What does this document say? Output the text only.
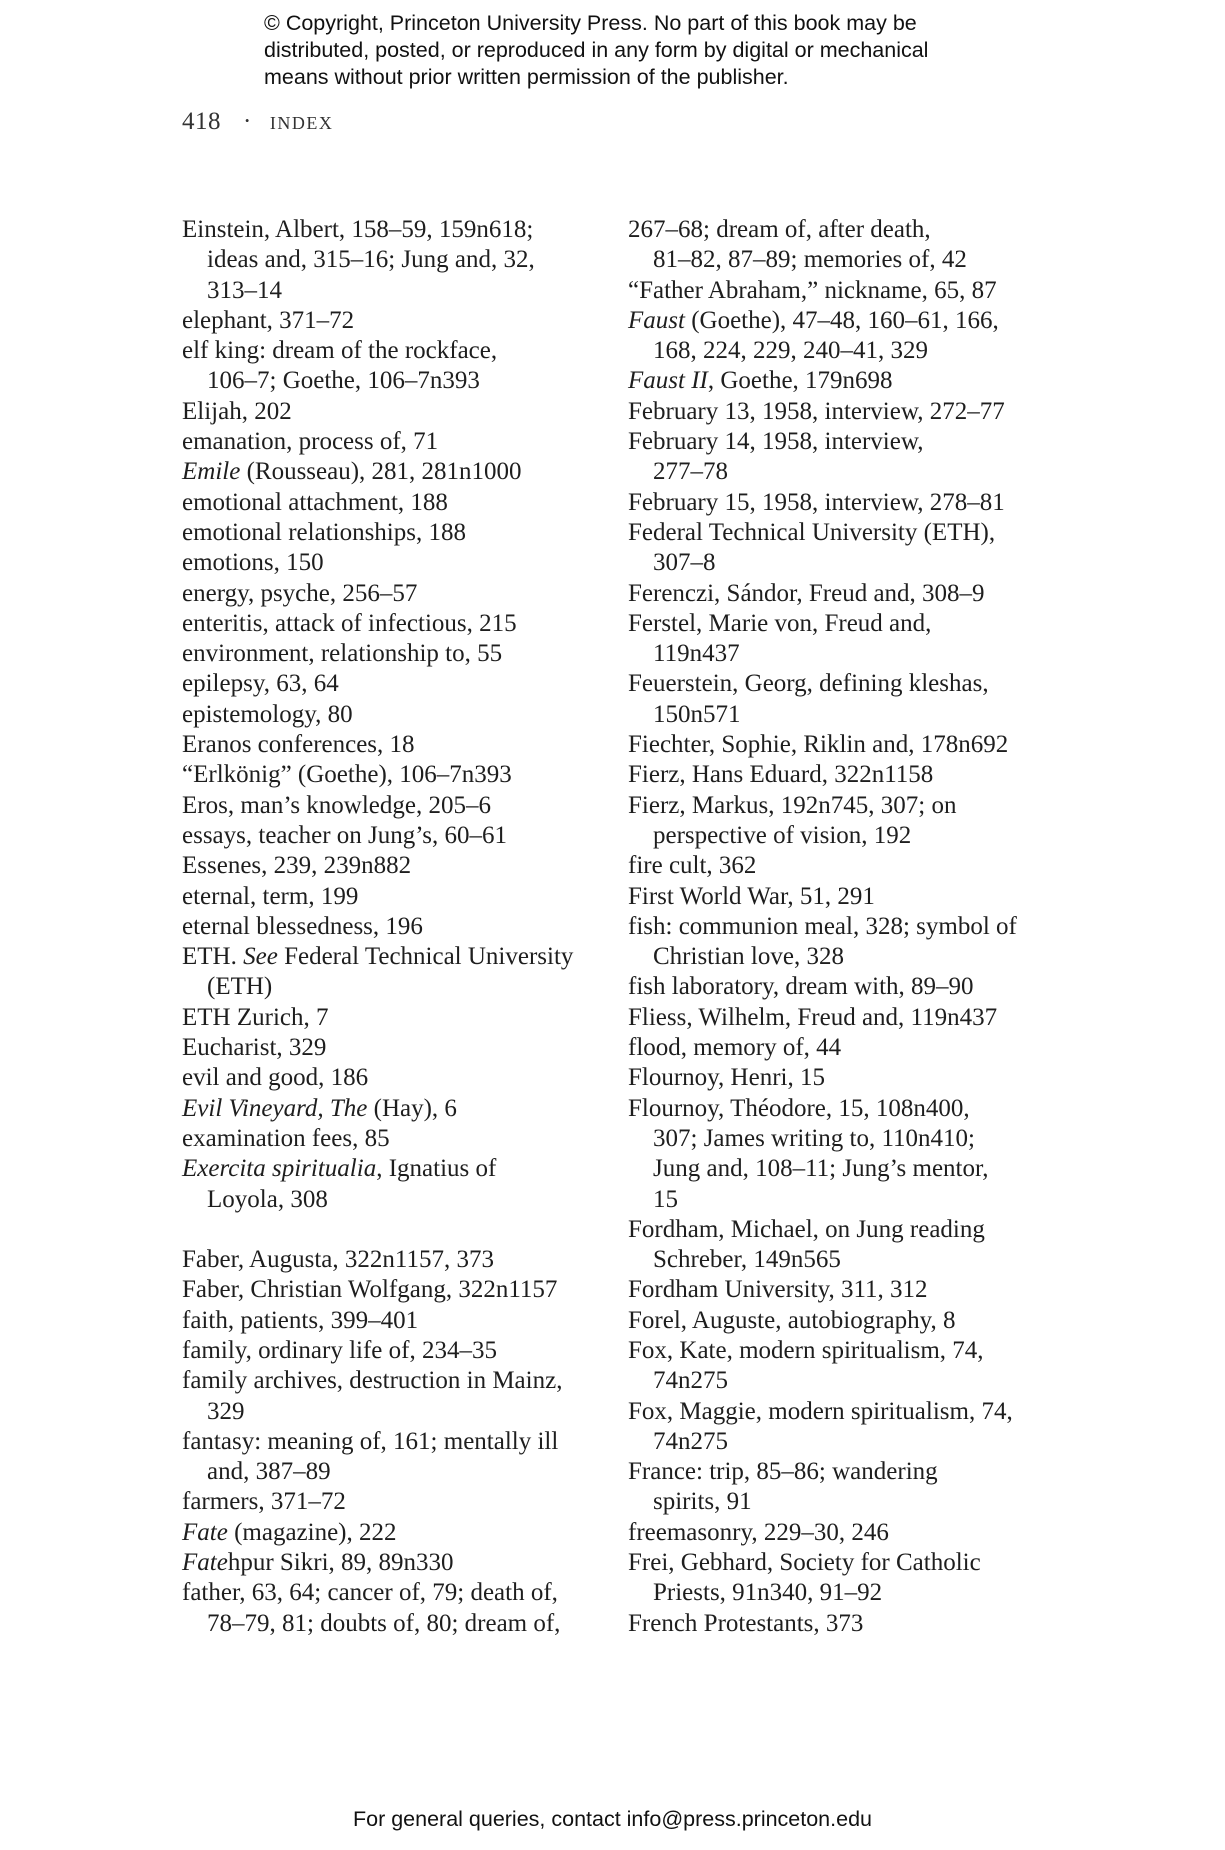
© Copyright, Princeton University Press. No part of this book may be
distributed, posted, or reproduced in any form by digital or mechanical
means without prior written permission of the publisher.
418 · index
Einstein, Albert, 158–59, 159n618;
ideas and, 315–16; Jung and, 32,
313–14
elephant, 371–72
elf king: dream of the rockface,
106–7; Goethe, 106–7n393
Elijah, 202
emanation, process of, 71
Emile (Rousseau), 281, 281n1000
emotional attachment, 188
emotional relationships, 188
emotions, 150
energy, psyche, 256–57
enteritis, attack of infectious, 215
environment, relationship to, 55
epilepsy, 63, 64
epistemology, 80
Eranos conferences, 18
“Erlkönig” (Goethe), 106–7n393
Eros, man’s knowledge, 205–6
essays, teacher on Jung’s, 60–61
Essenes, 239, 239n882
eternal, term, 199
eternal blessedness, 196
ETH. See Federal Technical University
(ETH)
ETH Zurich, 7
Eucharist, 329
evil and good, 186
Evil Vineyard, The (Hay), 6
examination fees, 85
Exercita spiritualia, Ignatius of
Loyola, 308
Faber, Augusta, 322n1157, 373
Faber, Christian Wolfgang, 322n1157
faith, patients, 399–401
family, ordinary life of, 234–35
family archives, destruction in Mainz,
329
fantasy: meaning of, 161; mentally ill
and, 387–89
farmers, 371–72
Fate (magazine), 222
Fatehpur Sikri, 89, 89n330
father, 63, 64; cancer of, 79; death of,
78–79, 81; doubts of, 80; dream of,
267–68; dream of, after death,
81–82, 87–89; memories of, 42
“Father Abraham,” nickname, 65, 87
Faust (Goethe), 47–48, 160–61, 166,
168, 224, 229, 240–41, 329
Faust II, Goethe, 179n698
February 13, 1958, interview, 272–77
February 14, 1958, interview,
277–78
February 15, 1958, interview, 278–81
Federal Technical University (ETH),
307–8
Ferenczi, Sándor, Freud and, 308–9
Ferstel, Marie von, Freud and,
119n437
Feuerstein, Georg, defining kleshas,
150n571
Fiechter, Sophie, Riklin and, 178n692
Fierz, Hans Eduard, 322n1158
Fierz, Markus, 192n745, 307; on
perspective of vision, 192
fire cult, 362
First World War, 51, 291
fish: communion meal, 328; symbol of
Christian love, 328
fish laboratory, dream with, 89–90
Fliess, Wilhelm, Freud and, 119n437
flood, memory of, 44
Flournoy, Henri, 15
Flournoy, Théodore, 15, 108n400,
307; James writing to, 110n410;
Jung and, 108–11; Jung’s mentor,
15
Fordham, Michael, on Jung reading
Schreber, 149n565
Fordham University, 311, 312
Forel, Auguste, autobiography, 8
Fox, Kate, modern spiritualism, 74,
74n275
Fox, Maggie, modern spiritualism, 74,
74n275
France: trip, 85–86; wandering
spirits, 91
freemasonry, 229–30, 246
Frei, Gebhard, Society for Catholic
Priests, 91n340, 91–92
French Protestants, 373
For general queries, contact info@press.princeton.edu
